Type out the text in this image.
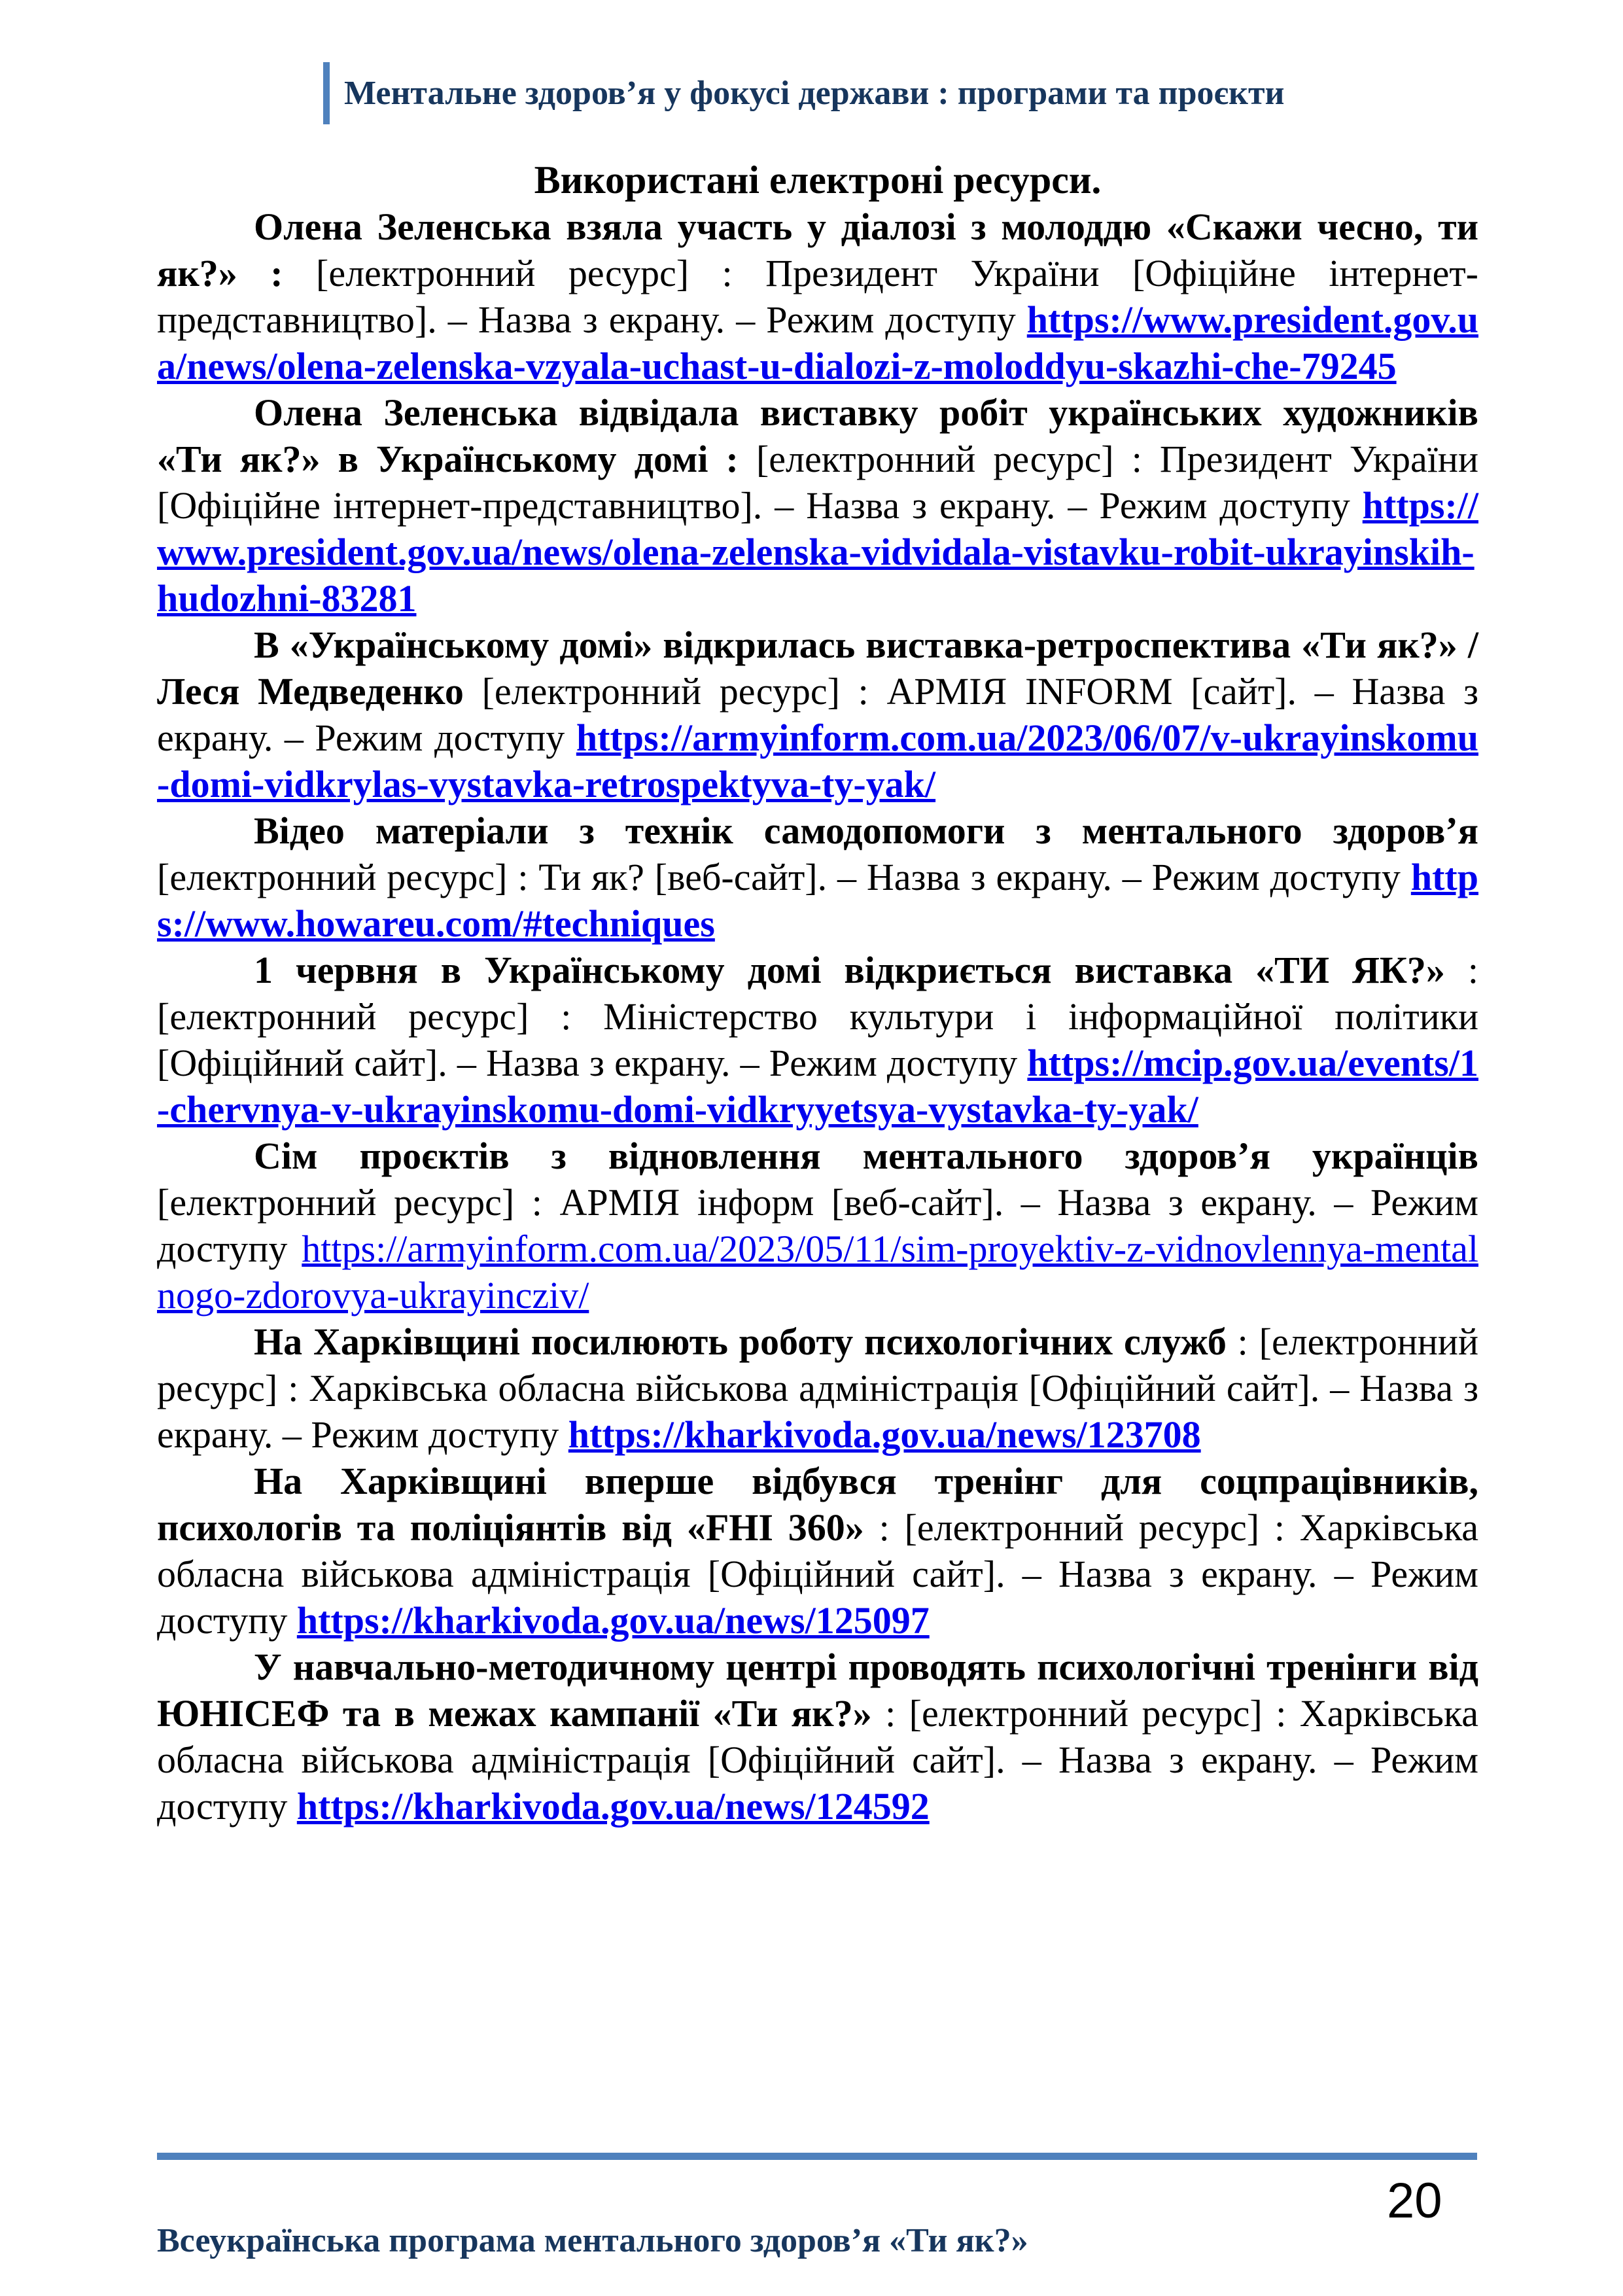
Ментальне здоров’я у фокусі держави : програми та проєкти
Використані електроні ресурси.

Олена Зеленська взяла участь у діалозі з молоддю «Скажи чесно, ти як?» : [електронний ресурс] : Президент України [Офіційне інтернет-представництво]. – Назва з екрану. – Режим доступу https://www.president.gov.ua/news/olena-zelenska-vzyala-uchast-u-dialozi-z-moloddyu-skazhi-che-79245

Олена Зеленська відвідала виставку робіт українських художників «Ти як?» в Українському домі : [електронний ресурс] : Президент України [Офіційне інтернет-представництво]. – Назва з екрану. – Режим доступу https://www.president.gov.ua/news/olena-zelenska-vidvidala-vistavku-robit-ukrayinskih-hudozhni-83281

В «Українському домі» відкрилась виставка-ретроспектива «Ти як?» / Леся Медведенко [електронний ресурс] : АРМІЯ INFORM [сайт]. – Назва з екрану. – Режим доступу https://armyinform.com.ua/2023/06/07/v-ukrayinskomu-domi-vidkrylas-vystavka-retrospektyva-ty-yak/

Відео матеріали з технік самодопомоги з ментального здоров’я [електронний ресурс] : Ти як? [веб-сайт]. – Назва з екрану. – Режим доступу https://www.howareu.com/#techniques

1 червня в Українському домі відкриється виставка «ТИ ЯК?» : [електронний ресурс] : Міністерство культури і інформаційної політики [Офіційний сайт]. – Назва з екрану. – Режим доступу https://mcip.gov.ua/events/1-chervnya-v-ukrayinskomu-domi-vidkryyetsya-vystavka-ty-yak/

Сім проєктів з відновлення ментального здоров’я українців [електронний ресурс] : АРМІЯ інформ [веб-сайт]. – Назва з екрану. – Режим доступу https://armyinform.com.ua/2023/05/11/sim-proyektiv-z-vidnovlennya-mentalnogo-zdorovya-ukrayincziv/

На Харківщині посилюють роботу психологічних служб : [електронний ресурс] : Харківська обласна військова адміністрація [Офіційний сайт]. – Назва з екрану. – Режим доступу https://kharkivoda.gov.ua/news/123708

На Харківщині вперше відбувся тренінг для соцпрацівників, психологів та поліціянтів від «FHI 360» : [електронний ресурс] : Харківська обласна військова адміністрація [Офіційний сайт]. – Назва з екрану. – Режим доступу https://kharkivoda.gov.ua/news/125097

У навчально-методичному центрі проводять психологічні тренінги від ЮНІСЕФ та в межах кампанії «Ти як?» : [електронний ресурс] : Харківська обласна військова адміністрація [Офіційний сайт]. – Назва з екрану. – Режим доступу https://kharkivoda.gov.ua/news/124592

20
Всеукраїнська програма ментального здоров’я «Ти як?»
